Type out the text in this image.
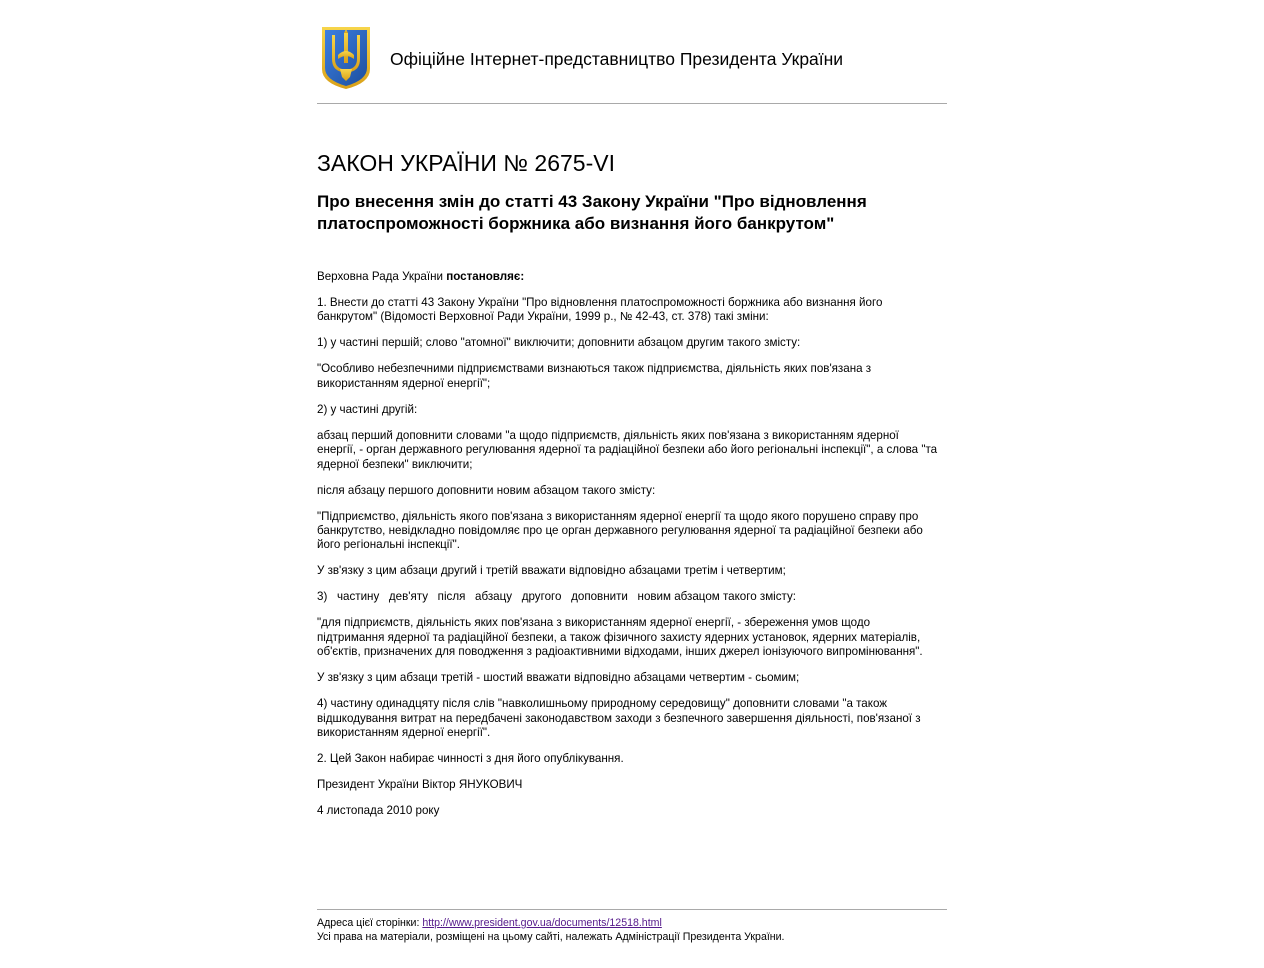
Офіційне Інтернет-представництво Президента України
ЗАКОН УКРАЇНИ № 2675-VI
Про внесення змін до статті 43 Закону України "Про відновлення платоспроможності боржника або визнання його банкрутом"

Верховна Рада України постановляє:

1. Внести до статті 43 Закону України "Про відновлення платоспроможності боржника або визнання його банкрутом" (Відомості Верховної Ради України, 1999 р., № 42-43, ст. 378) такі зміни:

1) у частині першій; слово "атомної" виключити; доповнити абзацом другим такого змісту:

"Особливо небезпечними підприємствами визнаються також підприємства, діяльність яких пов'язана з використанням ядерної енергії";

2) у частині другій:

абзац перший доповнити словами "а щодо підприємств, діяльність яких пов'язана з використанням ядерної енергії, - орган державного регулювання ядерної та радіаційної безпеки або його регіональні інспекції", а слова "та ядерної безпеки" виключити;

після абзацу першого доповнити новим абзацом такого змісту:

"Підприємство, діяльність якого пов'язана з використанням ядерної енергії та щодо якого порушено справу про банкрутство, невідкладно повідомляє про це орган державного регулювання ядерної та радіаційної безпеки або його регіональні інспекції".

У зв'язку з цим абзаци другий і третій вважати відповідно абзацами третім і четвертим;

3)   частину   дев'яту   після   абзацу   другого   доповнити   новим абзацом такого змісту:

"для підприємств, діяльність яких пов'язана з використанням ядерної енергії, - збереження умов щодо підтримання ядерної та радіаційної безпеки, а також фізичного захисту ядерних установок, ядерних матеріалів, об'єктів, призначених для поводження з радіоактивними відходами, інших джерел іонізуючого випромінювання".

У зв'язку з цим абзаци третій - шостий вважати відповідно абзацами четвертим - сьомим;

4) частину одинадцяту після слів "навколишньому природному середовищу" доповнити словами "а також відшкодування витрат на передбачені законодавством заходи з безпечного завершення діяльності, пов'язаної з використанням ядерної енергії".

2. Цей Закон набирає чинності з дня його опублікування.

Президент України Віктор ЯНУКОВИЧ

4 листопада 2010 року

Адреса цієї сторінки: http://www.president.gov.ua/documents/12518.html
Усі права на матеріали, розміщені на цьому сайті, належать Адміністрації Президента України.
